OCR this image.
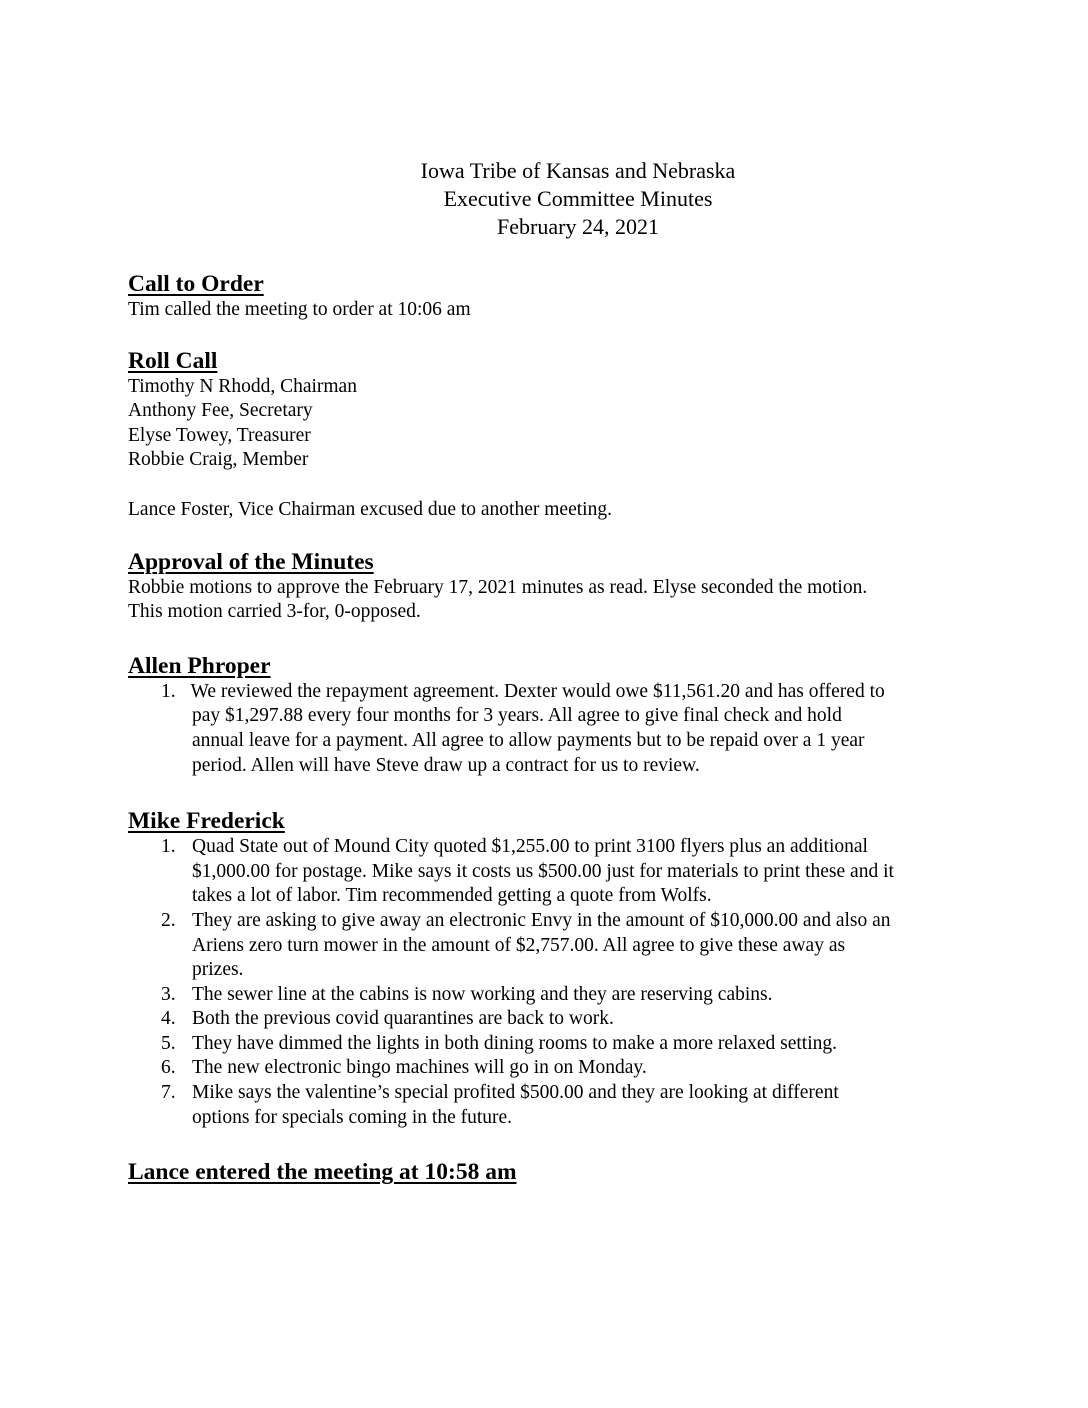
Iowa Tribe of Kansas and Nebraska
Executive Committee Minutes
February 24, 2021
Call to Order
Tim called the meeting to order at 10:06 am
Roll Call
Timothy N Rhodd, Chairman
Anthony Fee, Secretary
Elyse Towey, Treasurer
Robbie Craig, Member
Lance Foster, Vice Chairman excused due to another meeting.
Approval of the Minutes
Robbie motions to approve the February 17, 2021 minutes as read. Elyse seconded the motion.
This motion carried 3-for, 0-opposed.
Allen Phroper
1. We reviewed the repayment agreement. Dexter would owe $11,561.20 and has offered to
pay $1,297.88 every four months for 3 years. All agree to give final check and hold
annual leave for a payment. All agree to allow payments but to be repaid over a 1 year
period. Allen will have Steve draw up a contract for us to review.
Mike Frederick
1. Quad State out of Mound City quoted $1,255.00 to print 3100 flyers plus an additional
$1,000.00 for postage. Mike says it costs us $500.00 just for materials to print these and it
takes a lot of labor. Tim recommended getting a quote from Wolfs.
2. They are asking to give away an electronic Envy in the amount of $10,000.00 and also an
Ariens zero turn mower in the amount of $2,757.00. All agree to give these away as
prizes.
3. The sewer line at the cabins is now working and they are reserving cabins.
4. Both the previous covid quarantines are back to work.
5. They have dimmed the lights in both dining rooms to make a more relaxed setting.
6. The new electronic bingo machines will go in on Monday.
7. Mike says the valentine’s special profited $500.00 and they are looking at different
options for specials coming in the future.
Lance entered the meeting at 10:58 am
